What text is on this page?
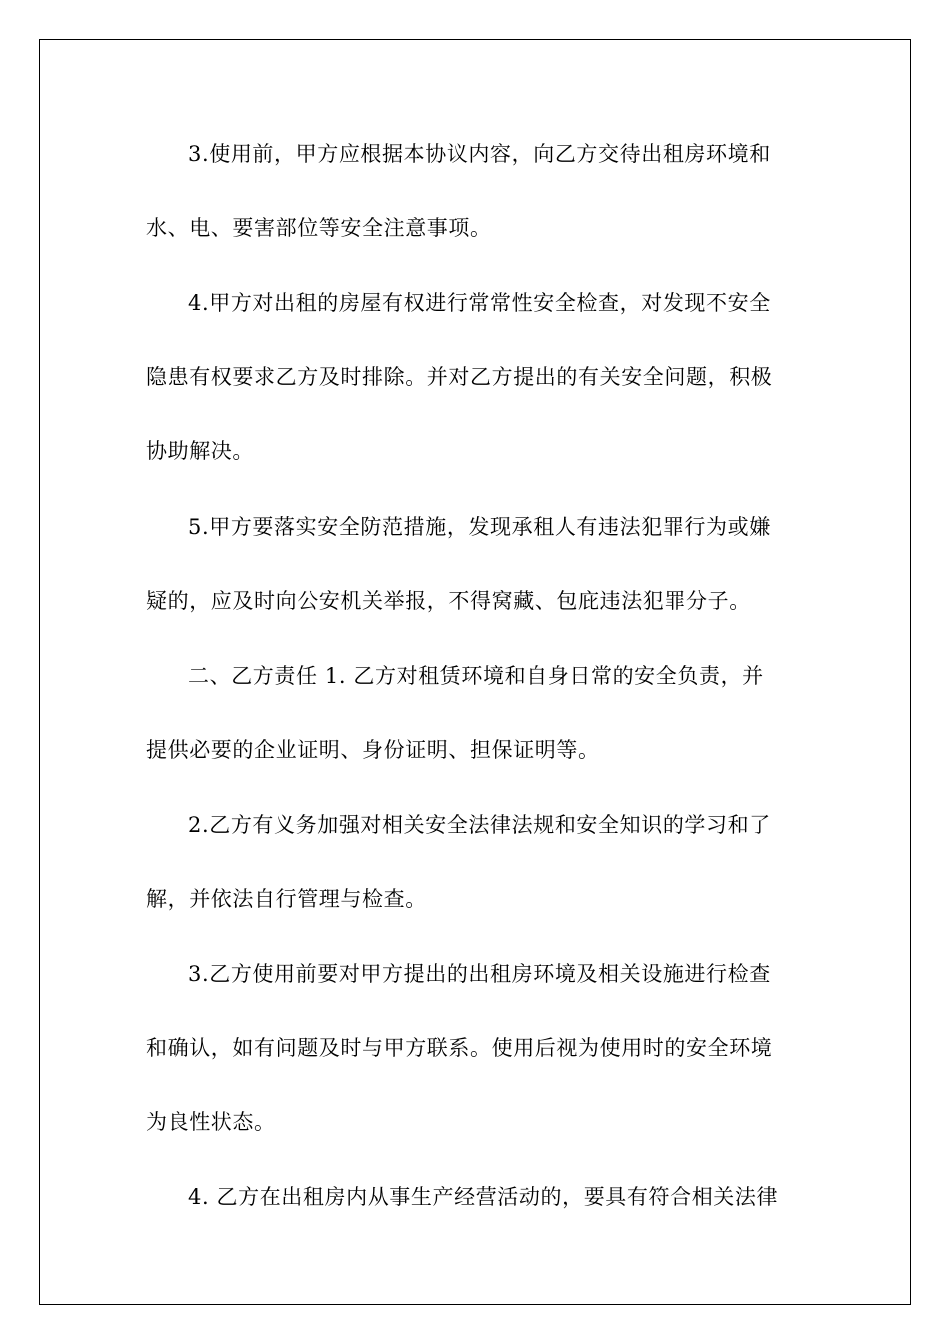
3.使用前，甲方应根据本协议内容，向乙方交待出租房环境和
水、电、要害部位等安全注意事项。
4.甲方对出租的房屋有权进行常常性安全检查，对发现不安全
隐患有权要求乙方及时排除。并对乙方提出的有关安全问题，积极
协助解决。
5.甲方要落实安全防范措施，发现承租人有违法犯罪行为或嫌
疑的，应及时向公安机关举报，不得窝藏、包庇违法犯罪分子。
二、乙方责任 1. 乙方对租赁环境和自身日常的安全负责，并
提供必要的企业证明、身份证明、担保证明等。
2.乙方有义务加强对相关安全法律法规和安全知识的学习和了
解，并依法自行管理与检查。
3.乙方使用前要对甲方提出的出租房环境及相关设施进行检查
和确认，如有问题及时与甲方联系。使用后视为使用时的安全环境
为良性状态。
4. 乙方在出租房内从事生产经营活动的，要具有符合相关法律
